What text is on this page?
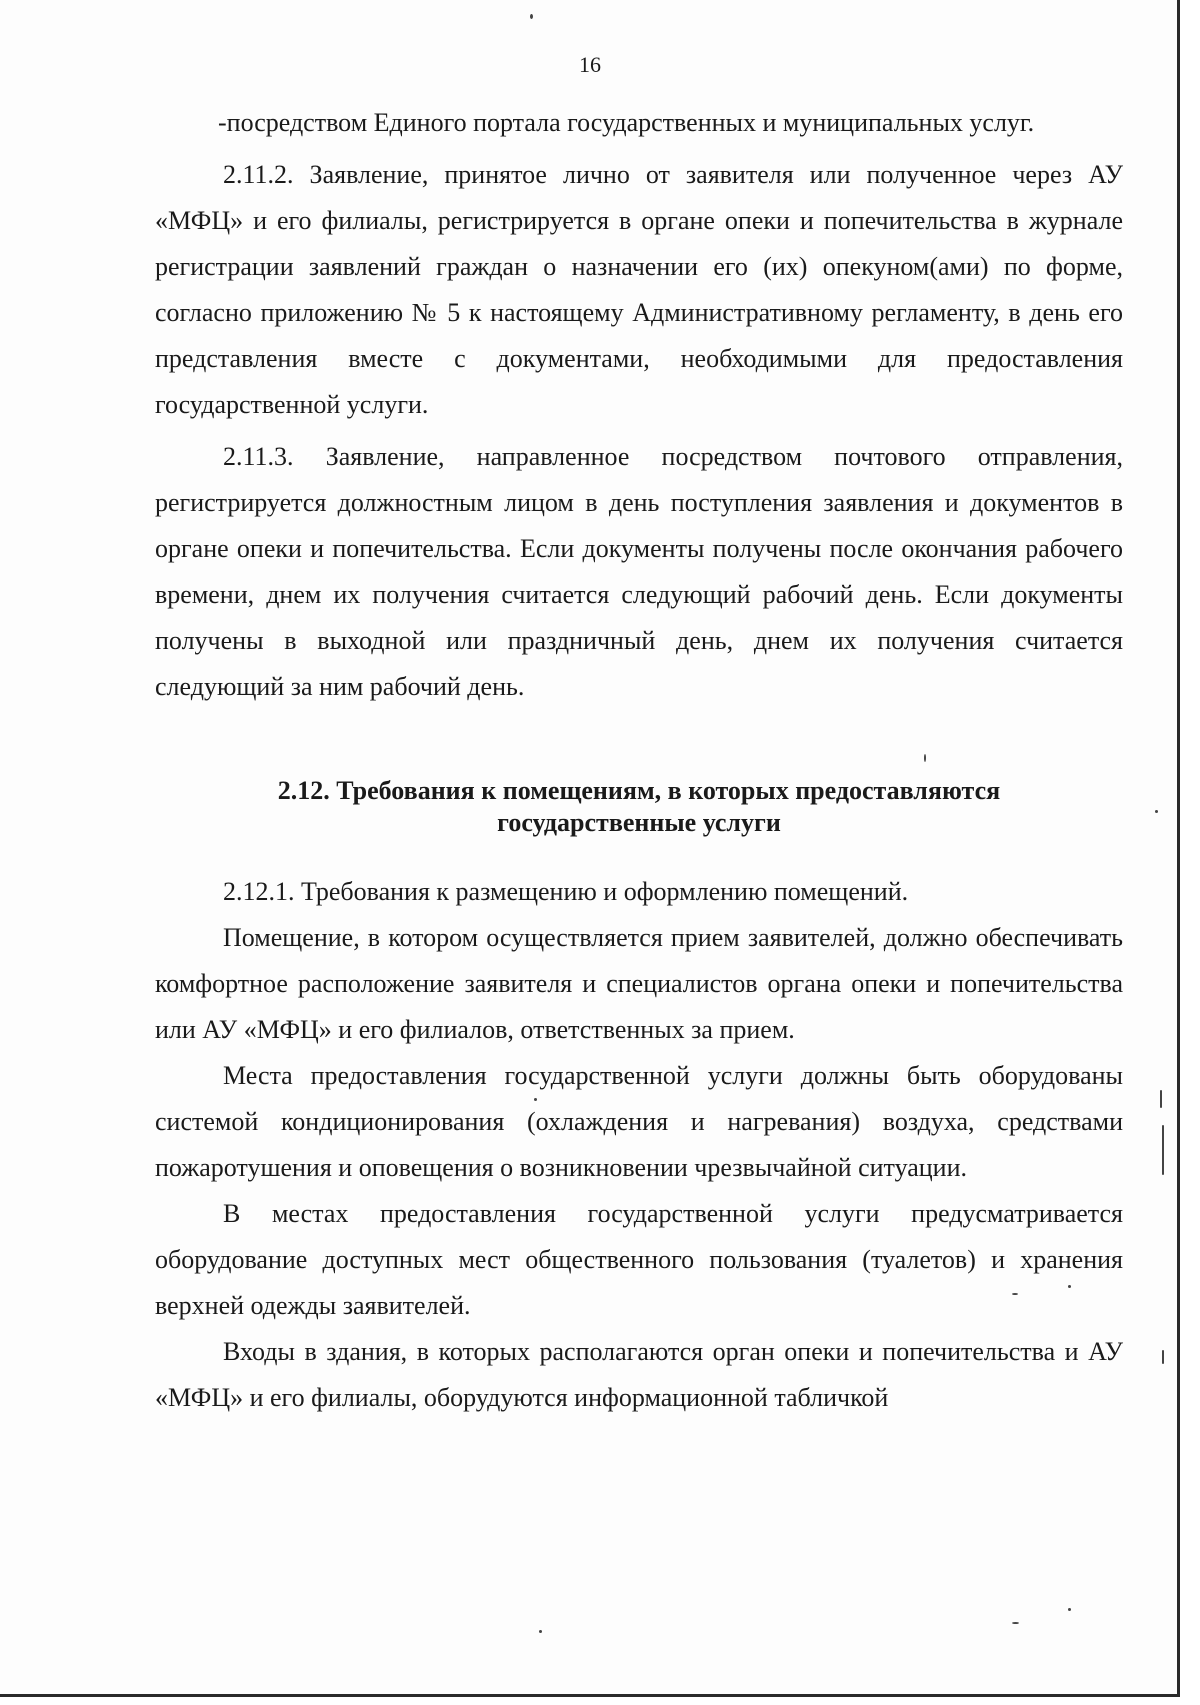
16

-посредством Единого портала государственных и муниципальных услуг.

2.11.2. Заявление, принятое лично от заявителя или полученное через АУ «МФЦ» и его филиалы, регистрируется в органе опеки и попечительства в журнале регистрации заявлений граждан о назначении его (их) опекуном(ами) по форме, согласно приложению № 5 к настоящему Административному регламенту, в день его представления вместе с документами, необходимыми для предоставления государственной услуги.

2.11.3. Заявление, направленное посредством почтового отправления, регистрируется должностным лицом в день поступления заявления и документов в органе опеки и попечительства. Если документы получены после окончания рабочего времени, днем их получения считается следующий рабочий день. Если документы получены в выходной или праздничный день, днем их получения считается следующий за ним рабочий день.

2.12. Требования к помещениям, в которых предоставляются
государственные услуги

2.12.1. Требования к размещению и оформлению помещений.

Помещение, в котором осуществляется прием заявителей, должно обеспечивать комфортное расположение заявителя и специалистов органа опеки и попечительства или АУ «МФЦ» и его филиалов, ответственных за прием.

Места предоставления государственной услуги должны быть оборудованы системой кондиционирования (охлаждения и нагревания) воздуха, средствами пожаротушения и оповещения о возникновении чрезвычайной ситуации.

В местах предоставления государственной услуги предусматривается оборудование доступных мест общественного пользования (туалетов) и хранения верхней одежды заявителей.

Входы в здания, в которых располагаются орган опеки и попечительства и АУ «МФЦ» и его филиалы, оборудуются информационной табличкой
